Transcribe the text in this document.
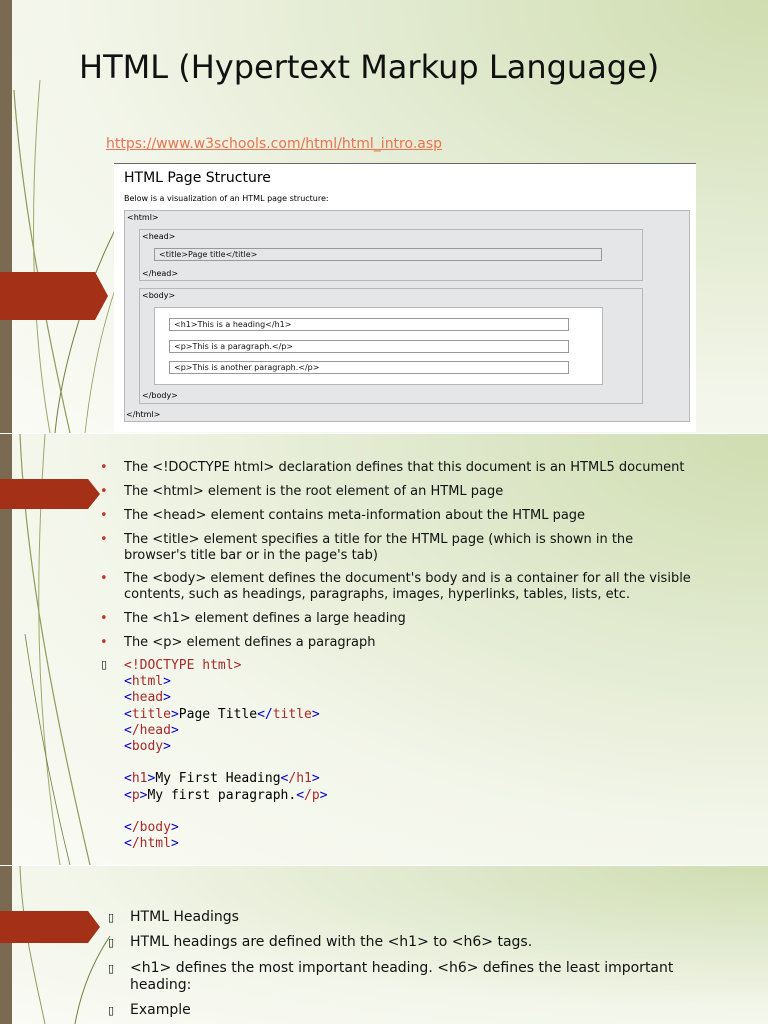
HTML (Hypertext Markup Language)
https://www.w3schools.com/html/html_intro.asp
HTML Page Structure
Below is a visualization of an HTML page structure:
<html>
<head>
<title>Page title</title>
</head>
<body>
<h1>This is a heading</h1>
<p>This is a paragraph.</p>
<p>This is another paragraph.</p>
</body>
</html>
• The <!DOCTYPE html> declaration defines that this document is an HTML5 document
• The <html> element is the root element of an HTML page
• The <head> element contains meta-information about the HTML page
• The <title> element specifies a title for the HTML page (which is shown in the browser's title bar or in the page's tab)
• The <body> element defines the document's body and is a container for all the visible contents, such as headings, paragraphs, images, hyperlinks, tables, lists, etc.
• The <h1> element defines a large heading
• The <p> element defines a paragraph
▯ <!DOCTYPE html>
<html>
<head>
<title>Page Title</title>
</head>
<body>

<h1>My First Heading</h1>
<p>My first paragraph.</p>

</body>
</html>
▯ HTML Headings
▯ HTML headings are defined with the <h1> to <h6> tags.
▯ <h1> defines the most important heading. <h6> defines the least important heading:
▯ Example
